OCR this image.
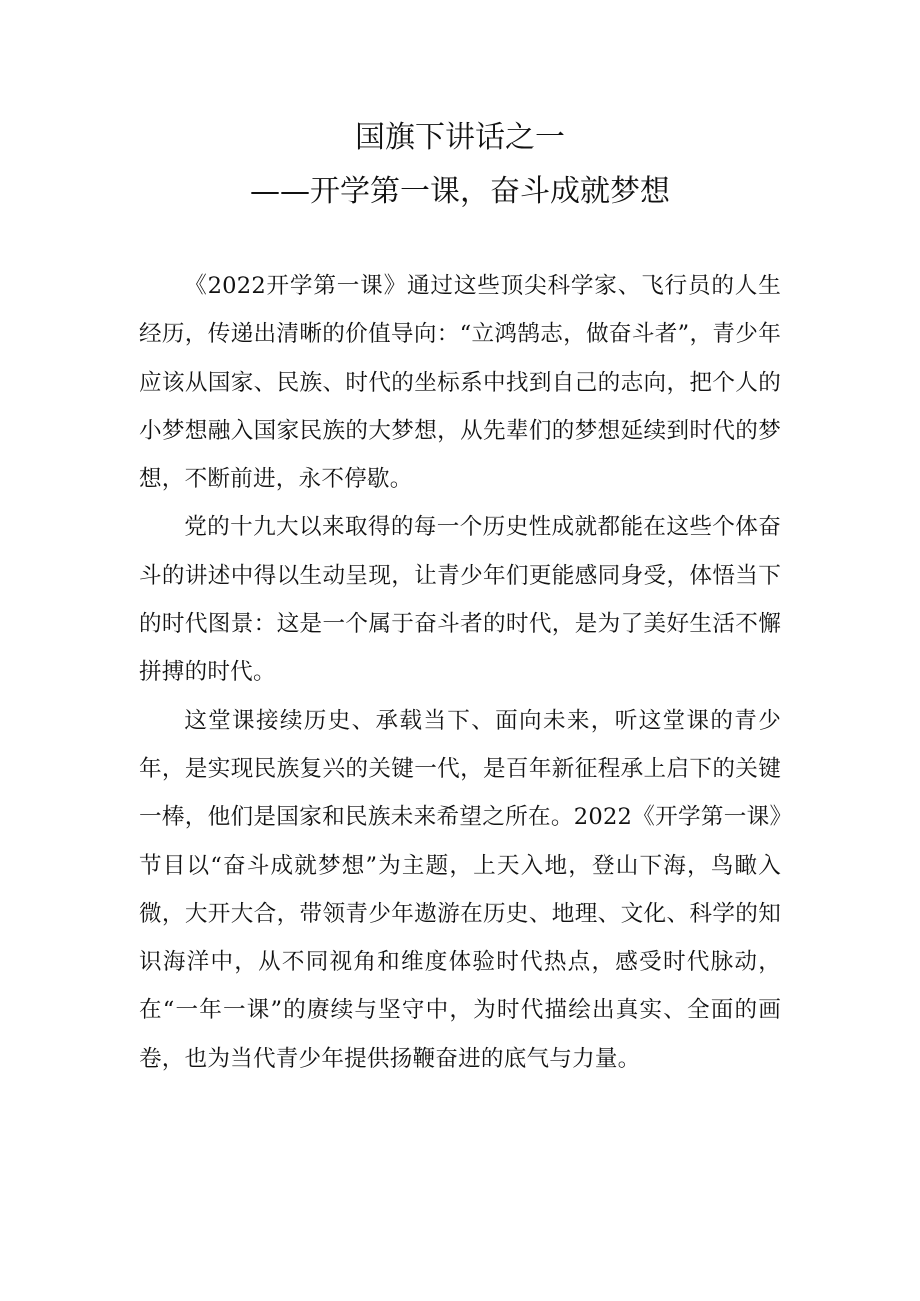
国旗下讲话之一
——开学第一课，奋斗成就梦想

《2022开学第一课》通过这些顶尖科学家、飞行员的人生经历，传递出清晰的价值导向：“立鸿鹄志，做奋斗者”，青少年应该从国家、民族、时代的坐标系中找到自己的志向，把个人的小梦想融入国家民族的大梦想，从先辈们的梦想延续到时代的梦想，不断前进，永不停歇。

党的十九大以来取得的每一个历史性成就都能在这些个体奋斗的讲述中得以生动呈现，让青少年们更能感同身受，体悟当下的时代图景：这是一个属于奋斗者的时代，是为了美好生活不懈拼搏的时代。

这堂课接续历史、承载当下、面向未来，听这堂课的青少年，是实现民族复兴的关键一代，是百年新征程承上启下的关键一棒，他们是国家和民族未来希望之所在。2022《开学第一课》节目以“奋斗成就梦想”为主题，上天入地，登山下海，鸟瞰入微，大开大合，带领青少年遨游在历史、地理、文化、科学的知识海洋中，从不同视角和维度体验时代热点，感受时代脉动，在“一年一课”的赓续与坚守中，为时代描绘出真实、全面的画卷，也为当代青少年提供扬鞭奋进的底气与力量。
